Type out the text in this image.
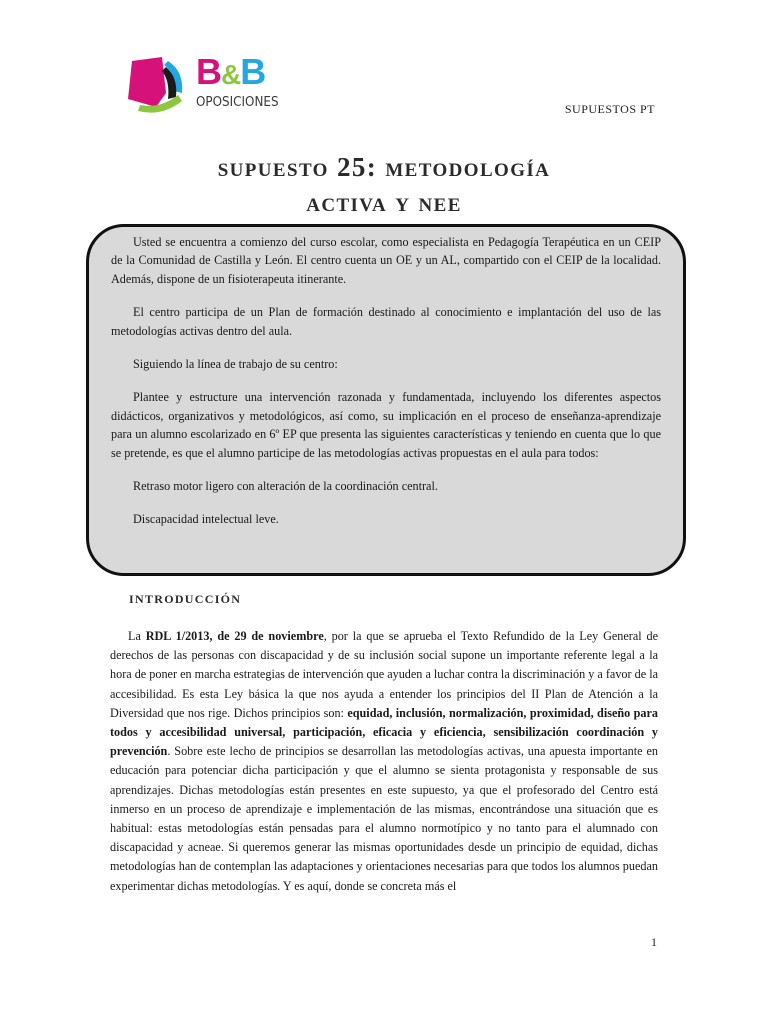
B&B
OPOSICIONES	SUPUESTOS PT
supuesto 25: metodología
activa y nee

Usted se encuentra a comienzo del curso escolar, como especialista en Pedagogía Terapéutica en un CEIP de la Comunidad de Castilla y León. El centro cuenta un OE y un AL, compartido con el CEIP de la localidad. Además, dispone de un fisioterapeuta itinerante.

El centro participa de un Plan de formación destinado al conocimiento e implantación del uso de las metodologías activas dentro del aula.

Siguiendo la línea de trabajo de su centro:

Plantee y estructure una intervención razonada y fundamentada, incluyendo los diferentes aspectos didácticos, organizativos y metodológicos, así como, su implicación en el proceso de enseñanza-aprendizaje para un alumno escolarizado en 6º EP que presenta las siguientes características y teniendo en cuenta que lo que se pretende, es que el alumno participe de las metodologías activas propuestas en el aula para todos:

Retraso motor ligero con alteración de la coordinación central.

Discapacidad intelectual leve.

introducción

La RDL 1/2013, de 29 de noviembre, por la que se aprueba el Texto Refundido de la Ley General de derechos de las personas con discapacidad y de su inclusión social supone un importante referente legal a la hora de poner en marcha estrategias de intervención que ayuden a luchar contra la discriminación y a favor de la accesibilidad. Es esta Ley básica la que nos ayuda a entender los principios del II Plan de Atención a la Diversidad que nos rige. Dichos principios son: equidad, inclusión, normalización, proximidad, diseño para todos y accesibilidad universal, participación, eficacia y eficiencia, sensibilización coordinación y prevención. Sobre este lecho de principios se desarrollan las metodologías activas, una apuesta importante en educación para potenciar dicha participación y que el alumno se sienta protagonista y responsable de sus aprendizajes. Dichas metodologías están presentes en este supuesto, ya que el profesorado del Centro está inmerso en un proceso de aprendizaje e implementación de las mismas, encontrándose una situación que es habitual: estas metodologías están pensadas para el alumno normotípico y no tanto para el alumnado con discapacidad y acneae. Si queremos generar las mismas oportunidades desde un principio de equidad, dichas metodologías han de contemplan las adaptaciones y orientaciones necesarias para que todos los alumnos puedan experimentar dichas metodologías. Y es aquí, donde se concreta más el

1
